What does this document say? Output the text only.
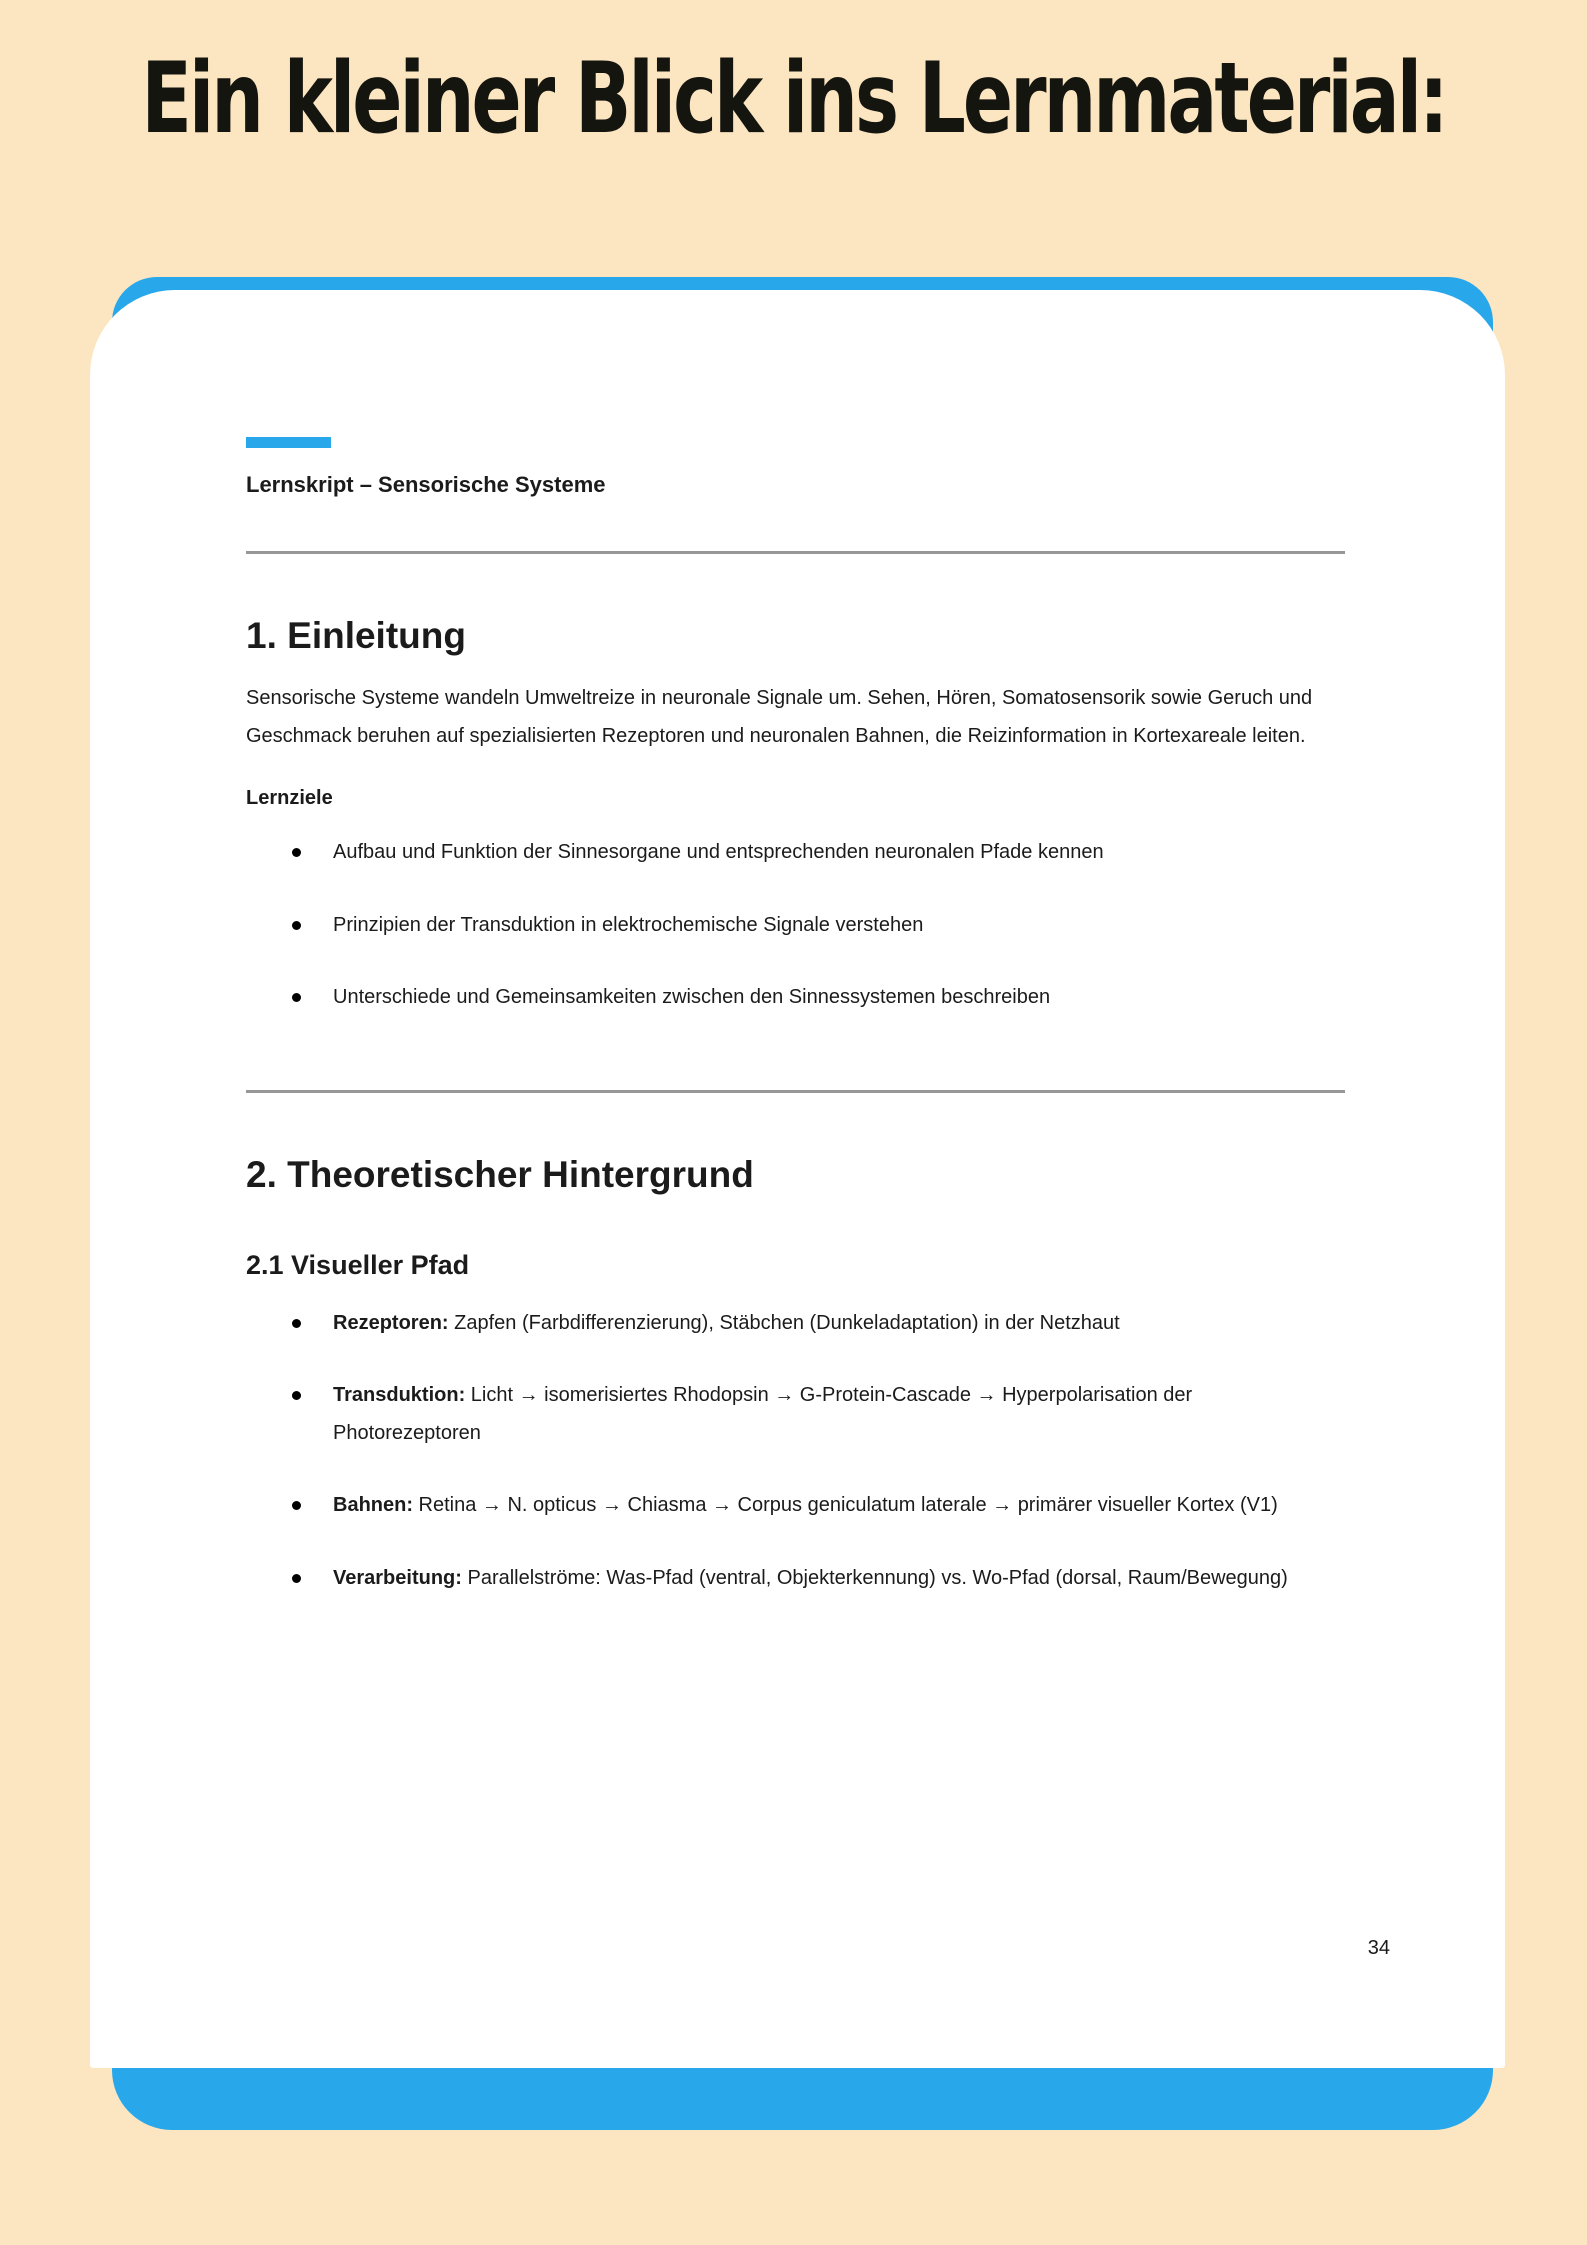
Ein kleiner Blick ins Lernmaterial:
Lernskript – Sensorische Systeme
1. Einleitung
Sensorische Systeme wandeln Umweltreize in neuronale Signale um. Sehen, Hören, Somatosensorik sowie Geruch und Geschmack beruhen auf spezialisierten Rezeptoren und neuronalen Bahnen, die Reizinformation in Kortexareale leiten.
Lernziele
Aufbau und Funktion der Sinnesorgane und entsprechenden neuronalen Pfade kennen
Prinzipien der Transduktion in elektrochemische Signale verstehen
Unterschiede und Gemeinsamkeiten zwischen den Sinnessystemen beschreiben
2. Theoretischer Hintergrund
2.1 Visueller Pfad
Rezeptoren: Zapfen (Farbdifferenzierung), Stäbchen (Dunkeladaptation) in der Netzhaut
Transduktion: Licht → isomerisiertes Rhodopsin → G-Protein-Cascade → Hyperpolarisation der Photorezeptoren
Bahnen: Retina → N. opticus → Chiasma → Corpus geniculatum laterale → primärer visueller Kortex (V1)
Verarbeitung: Parallelströme: Was-Pfad (ventral, Objekterkennung) vs. Wo-Pfad (dorsal, Raum/Bewegung)
34
